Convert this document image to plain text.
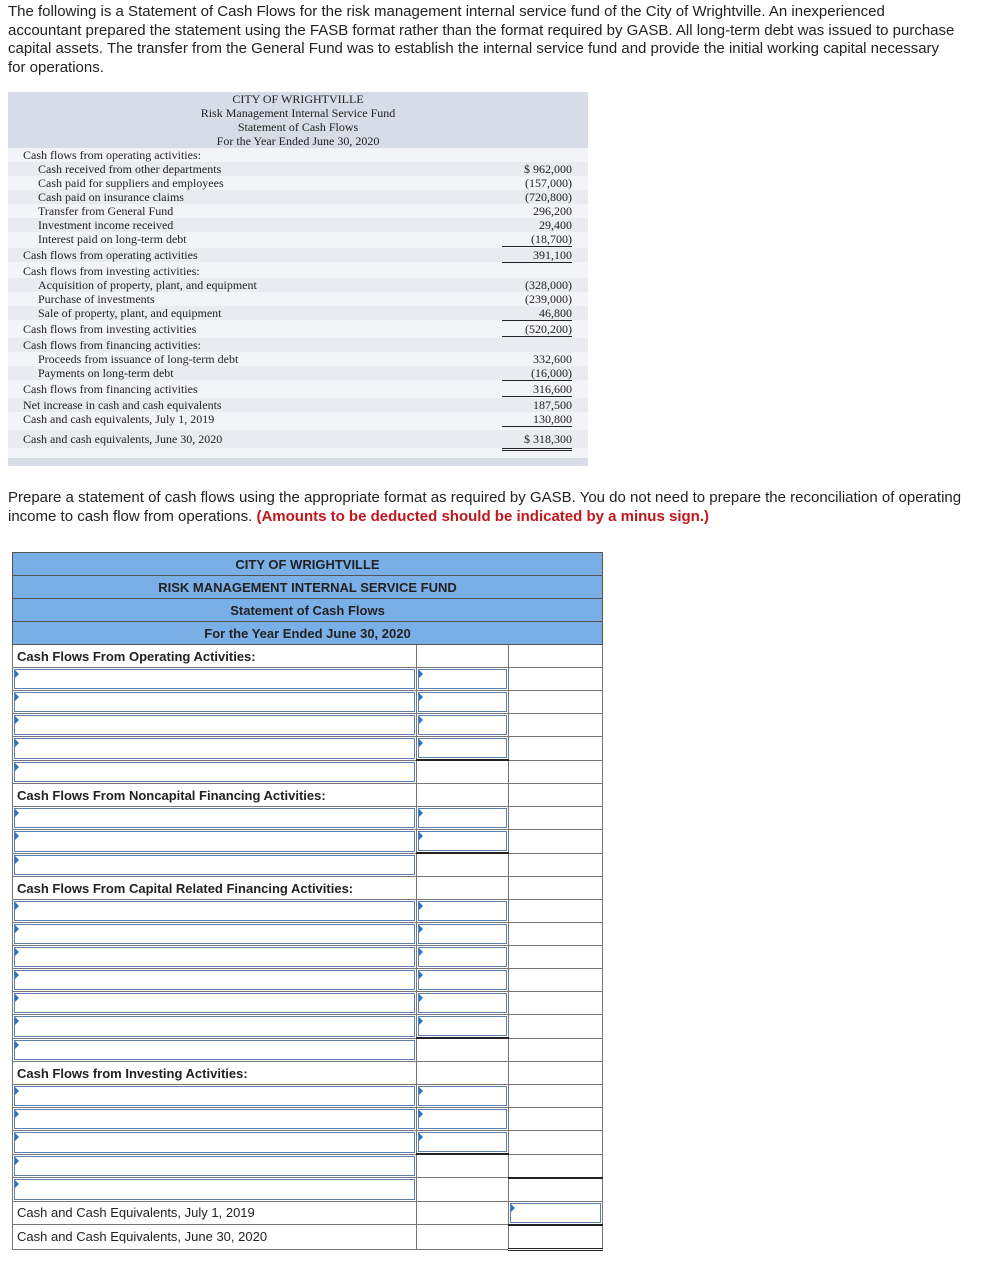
The following is a Statement of Cash Flows for the risk management internal service fund of the City of Wrightville. An inexperienced accountant prepared the statement using the FASB format rather than the format required by GASB. All long-term debt was issued to purchase capital assets. The transfer from the General Fund was to establish the internal service fund and provide the initial working capital necessary for operations.

CITY OF WRIGHTVILLE
Risk Management Internal Service Fund
Statement of Cash Flows
For the Year Ended June 30, 2020
Cash flows from operating activities:
Cash received from other departments	$ 962,000
Cash paid for suppliers and employees	(157,000)
Cash paid on insurance claims	(720,800)
Transfer from General Fund	296,200
Investment income received	29,400
Interest paid on long-term debt	(18,700)
Cash flows from operating activities	391,100
Cash flows from investing activities:
Acquisition of property, plant, and equipment	(328,000)
Purchase of investments	(239,000)
Sale of property, plant, and equipment	46,800
Cash flows from investing activities	(520,200)
Cash flows from financing activities:
Proceeds from issuance of long-term debt	332,600
Payments on long-term debt	(16,000)
Cash flows from financing activities	316,600
Net increase in cash and cash equivalents	187,500
Cash and cash equivalents, July 1, 2019	130,800
Cash and cash equivalents, June 30, 2020	$ 318,300

Prepare a statement of cash flows using the appropriate format as required by GASB. You do not need to prepare the reconciliation of operating income to cash flow from operations. (Amounts to be deducted should be indicated by a minus sign.)

CITY OF WRIGHTVILLE		
RISK MANAGEMENT INTERNAL SERVICE FUND		
Statement of Cash Flows		
For the Year Ended June 30, 2020		
Cash Flows From Operating Activities:		

Cash Flows From Noncapital Financing Activities:		

Cash Flows From Capital Related Financing Activities:		

Cash Flows from Investing Activities:		

Cash and Cash Equivalents, July 1, 2019		

Cash and Cash Equivalents, June 30, 2020		
